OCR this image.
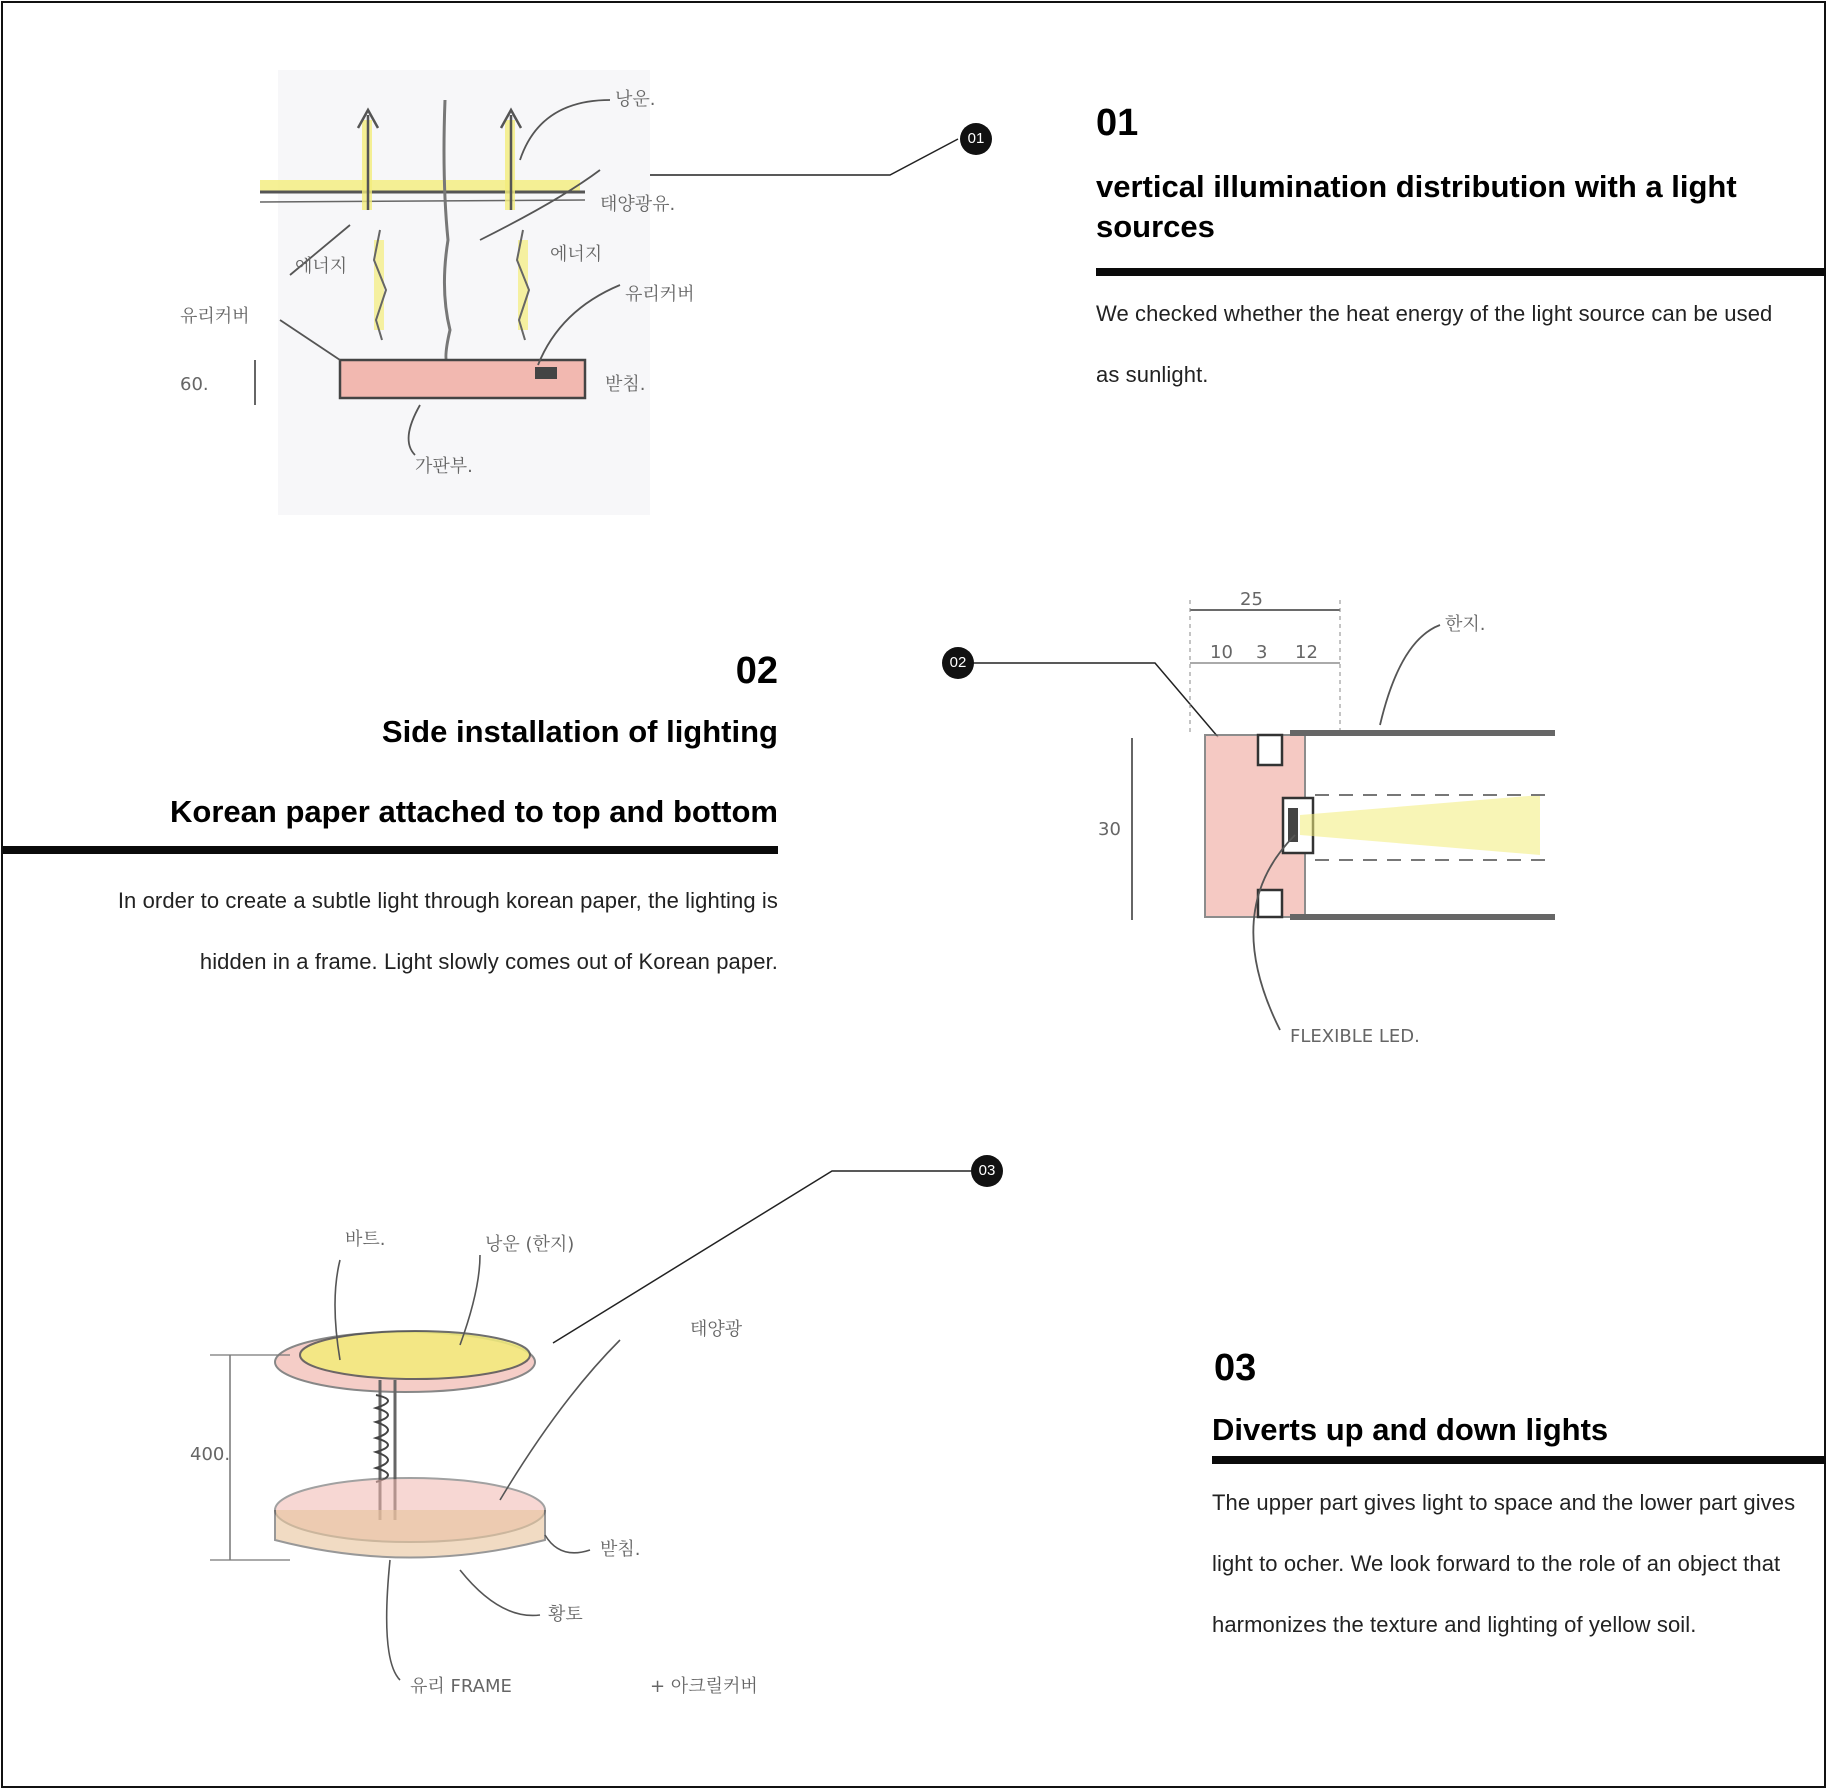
01
02
03
01
vertical illumination distribution with a light sources
We checked whether the heat energy of the light source can be used as sunlight.
02
Side installation of lighting
Korean paper attached to top and bottom
In order to create a subtle light through korean paper, the lighting is hidden in a frame. Light slowly comes out of Korean paper.
03
Diverts up and down lights
The upper part gives light to space and the lower part gives light to ocher. We look forward to the role of an object that harmonizes the texture and lighting of yellow soil.
낭운.
태양광유.
에너지
에너지
유리커버
유리커버
60.	받침.
가판부.
25
10 3 12
한지.
30
FLEXIBLE LED.
바트.	낭운 (한지)
태양광
400.
받침.
황토
유리 FRAME	+ 아크릴커버
